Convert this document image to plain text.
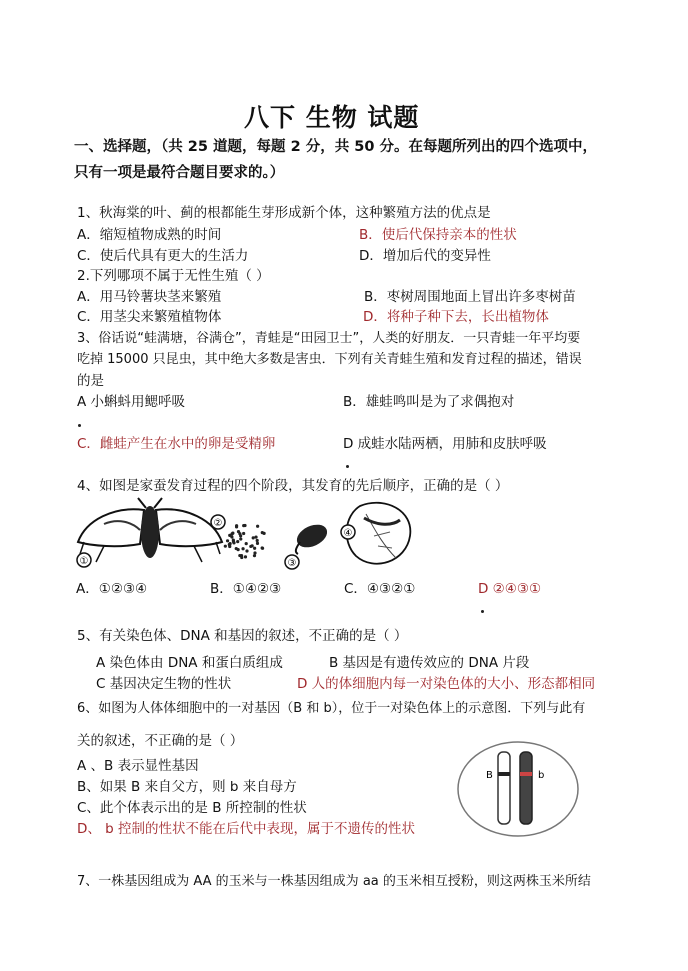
八下 生物 试题
一、选择题，（共 25 道题，每题 2 分，共 50 分。在每题所列出的四个选项中，
只有一项是最符合题目要求的。）
1、秋海棠的叶、蓟的根都能生芽形成新个体，这种繁殖方法的优点是
A．缩短植物成熟的时间	B．使后代保持亲本的性状
C．使后代具有更大的生活力	D．增加后代的变异性
2.下列哪项不属于无性生殖（ ）
A．用马铃薯块茎来繁殖	B．枣树周围地面上冒出许多枣树苗
C．用茎尖来繁殖植物体	D．将种子种下去，长出植物体
3、俗话说“蛙满塘，谷满仓”，青蛙是“田园卫士”，人类的好朋友．一只青蛙一年平均要
吃掉 15000 只昆虫，其中绝大多数是害虫．下列有关青蛙生殖和发育过程的描述，错误
的是
A 小蝌蚪用鳃呼吸	B．雄蛙鸣叫是为了求偶抱对
C．雌蛙产生在水中的卵是受精卵	D 成蛙水陆两栖，用肺和皮肤呼吸
4、如图是家蚕发育过程的四个阶段，其发育的先后顺序，正确的是（ ）
①
②
③
④
A．①②③④	B．①④②③	C．④③②①	D ②④③①
5、有关染色体、DNA 和基因的叙述，不正确的是（ ）
A 染色体由 DNA 和蛋白质组成	B 基因是有遗传效应的 DNA 片段
C 基因决定生物的性状	D 人的体细胞内每一对染色体的大小、形态都相同
6、如图为人体体细胞中的一对基因（B 和 b），位于一对染色体上的示意图．下列与此有
关的叙述，不正确的是（ ）
A 、B 表示显性基因
B、如果 B 来自父方，则 b 来自母方
C、此个体表示出的是 B 所控制的性状
D、 b 控制的性状不能在后代中表现，属于不遗传的性状
B	b
7、一株基因组成为 AA 的玉米与一株基因组成为 aa 的玉米相互授粉，则这两株玉米所结
